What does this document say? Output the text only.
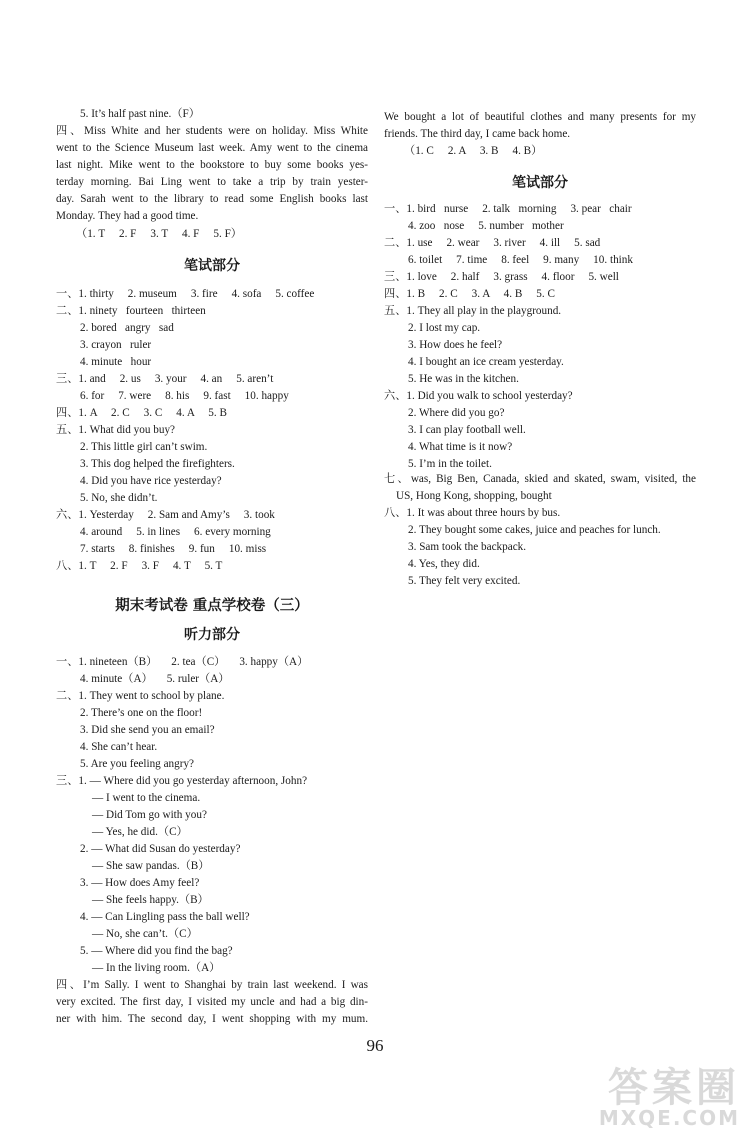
5. It’s half past nine.（F）
四、Miss White and her students were on holiday. Miss White
went to the Science Museum last week. Amy went to the cinema
last night. Mike went to the bookstore to buy some books yes-
terday morning. Bai Ling went to take a trip by train yester-
day. Sarah went to the library to read some English books last
Monday. They had a good time.
（1. T     2. F     3. T     4. F     5. F）
笔试部分
一、1. thirty     2. museum     3. fire     4. sofa     5. coffee
二、1. ninety   fourteen   thirteen
2. bored   angry   sad
3. crayon   ruler
4. minute   hour
三、1. and     2. us     3. your     4. an     5. aren’t
6. for     7. were     8. his     9. fast     10. happy
四、1. A     2. C     3. C     4. A     5. B
五、1. What did you buy?
2. This little girl can’t swim.
3. This dog helped the firefighters.
4. Did you have rice yesterday?
5. No, she didn’t.
六、1. Yesterday     2. Sam and Amy’s     3. took
4. around     5. in lines     6. every morning
7. starts     8. finishes     9. fun     10. miss
八、1. T     2. F     3. F     4. T     5. T
期末考试卷 重点学校卷（三）
听力部分
一、1. nineteen（B）     2. tea（C）     3. happy（A）
4. minute（A）     5. ruler（A）
二、1. They went to school by plane.
2. There’s one on the floor!
3. Did she send you an email?
4. She can’t hear.
5. Are you feeling angry?
三、1. — Where did you go yesterday afternoon, John?
— I went to the cinema.
— Did Tom go with you?
— Yes, he did.（C）
2. — What did Susan do yesterday?
— She saw pandas.（B）
3. — How does Amy feel?
— She feels happy.（B）
4. — Can Lingling pass the ball well?
— No, she can’t.（C）
5. — Where did you find the bag?
— In the living room.（A）
四、I’m Sally. I went to Shanghai by train last weekend. I was
very excited. The first day, I visited my uncle and had a big din-
ner with him. The second day, I went shopping with my mum.
We bought a lot of beautiful clothes and many presents for my
friends. The third day, I came back home.
（1. C     2. A     3. B     4. B）
笔试部分
一、1. bird   nurse     2. talk   morning     3. pear   chair
4. zoo   nose     5. number   mother
二、1. use     2. wear     3. river     4. ill     5. sad
6. toilet     7. time     8. feel     9. many     10. think
三、1. love     2. half     3. grass     4. floor     5. well
四、1. B     2. C     3. A     4. B     5. C
五、1. They all play in the playground.
2. I lost my cap.
3. How does he feel?
4. I bought an ice cream yesterday.
5. He was in the kitchen.
六、1. Did you walk to school yesterday?
2. Where did you go?
3. I can play football well.
4. What time is it now?
5. I’m in the toilet.
七、was, Big Ben, Canada, skied and skated, swam, visited, the
US, Hong Kong, shopping, bought
八、1. It was about three hours by bus.
2. They bought some cakes, juice and peaches for lunch.
3. Sam took the backpack.
4. Yes, they did.
5. They felt very excited.
96
答案圈
MXQE.COM
